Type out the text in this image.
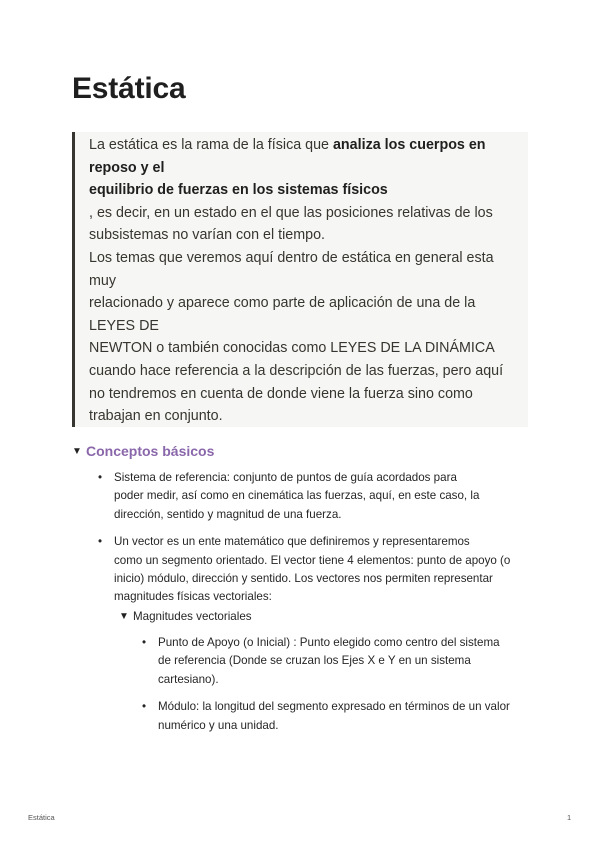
Estática
La estática es la rama de la física que analiza los cuerpos en
reposo y el
equilibrio de fuerzas en los sistemas físicos
, es decir, en un estado en el que las posiciones relativas de los
subsistemas no varían con el tiempo.
Los temas que veremos aquí dentro de estática en general esta
muy
relacionado y aparece como parte de aplicación de una de la
LEYES DE
NEWTON o también conocidas como LEYES DE LA DINÁMICA
cuando hace referencia a la descripción de las fuerzas, pero aquí
no tendremos en cuenta de donde viene la fuerza sino como
trabajan en conjunto.
▼ Conceptos básicos
• Sistema de referencia: conjunto de puntos de guía acordados para
poder medir, así como en cinemática las fuerzas, aquí, en este caso, la
dirección, sentido y magnitud de una fuerza.
• Un vector es un ente matemático que definiremos y representaremos
como un segmento orientado. El vector tiene 4 elementos: punto de apoyo (o
inicio) módulo, dirección y sentido. Los vectores nos permiten representar
magnitudes físicas vectoriales:
▼ Magnitudes vectoriales
• Punto de Apoyo (o Inicial) : Punto elegido como centro del sistema
de referencia (Donde se cruzan los Ejes X e Y en un sistema
cartesiano).
• Módulo: la longitud del segmento expresado en términos de un valor
numérico y una unidad.
Estática	1
